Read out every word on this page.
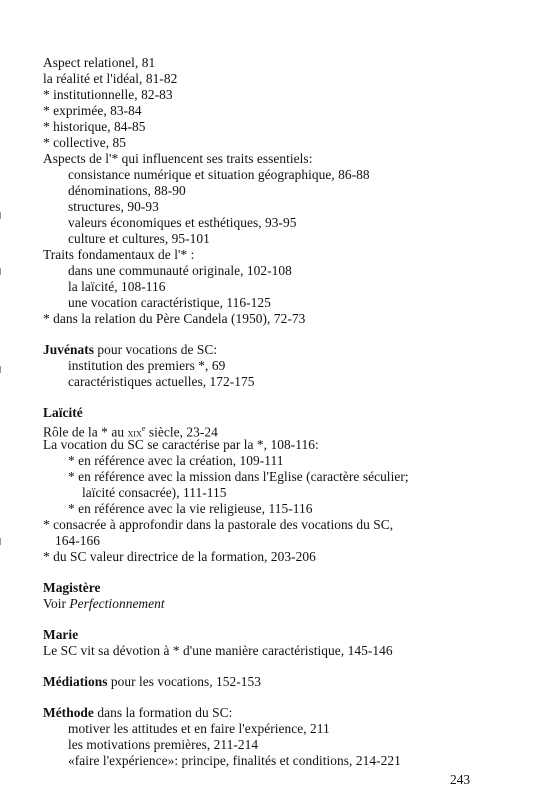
Aspect relationel, 81
la réalité et l'idéal, 81-82
* institutionnelle, 82-83
* exprimée, 83-84
* historique, 84-85
* collective, 85
Aspects de l'* qui influencent ses traits essentiels:
consistance numérique et situation géographique, 86-88
dénominations, 88-90
structures, 90-93
valeurs économiques et esthétiques, 93-95
culture et cultures, 95-101
Traits fondamentaux de l'* :
dans une communauté originale, 102-108
la laïcité, 108-116
une vocation caractéristique, 116-125
* dans la relation du Père Candela (1950), 72-73
Juvénats pour vocations de SC:
institution des premiers *, 69
caractéristiques actuelles, 172-175
Laïcité
Rôle de la * au xix$^e$ siècle, 23-24
La vocation du SC se caractérise par la *, 108-116:
* en référence avec la création, 109-111
* en référence avec la mission dans l'Eglise (caractère séculier;
laïcité consacrée), 111-115
* en référence avec la vie religieuse, 115-116
* consacrée à approfondir dans la pastorale des vocations du SC,
164-166
* du SC valeur directrice de la formation, 203-206
Magistère
Voir Perfectionnement
Marie
Le SC vit sa dévotion à * d'une manière caractéristique, 145-146
Médiations pour les vocations, 152-153
Méthode dans la formation du SC:
motiver les attitudes et en faire l'expérience, 211
les motivations premières, 211-214
«faire l'expérience»: principe, finalités et conditions, 214-221
243
